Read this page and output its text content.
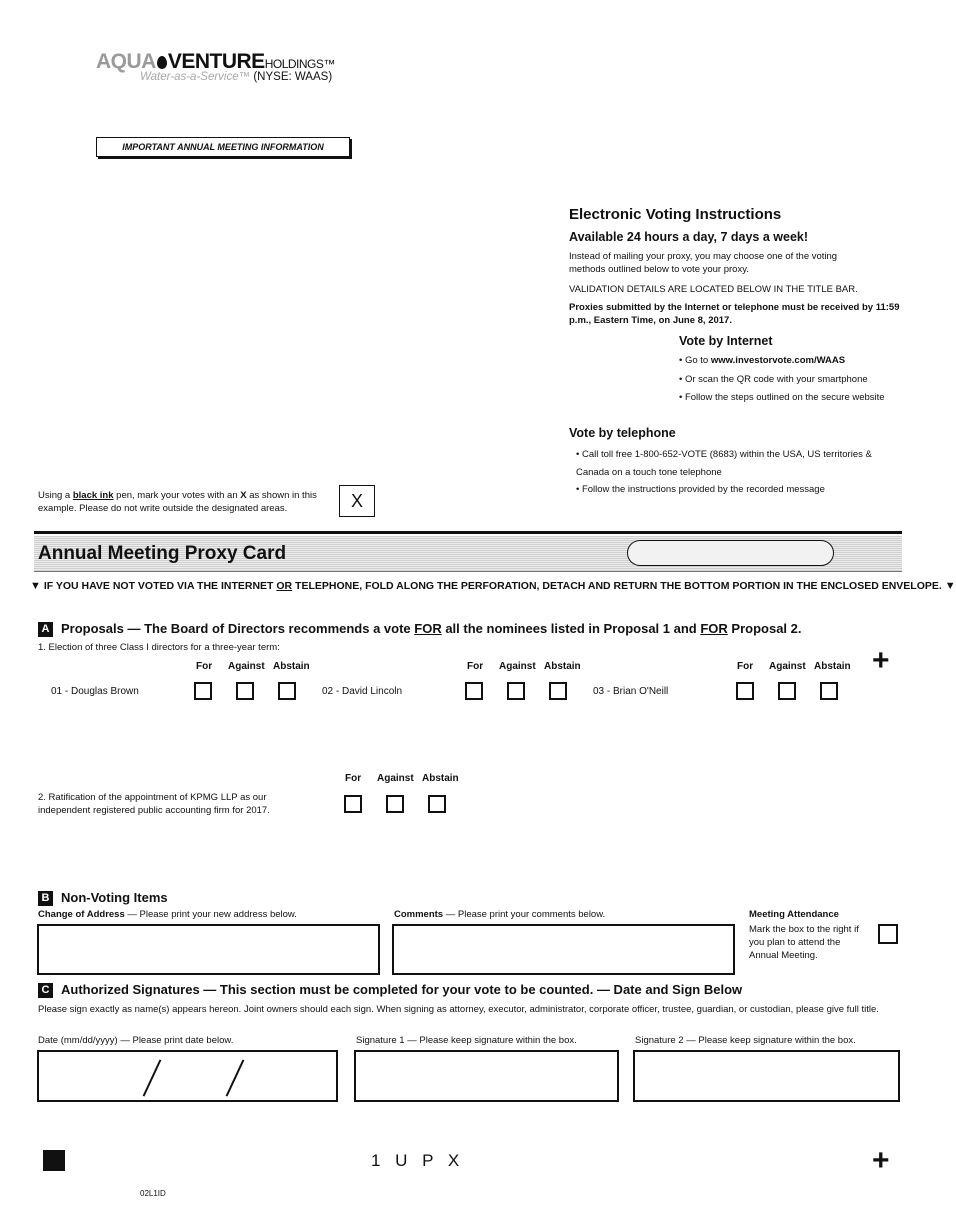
AQUA VENTUREHOLDINGS™
Water-as-a-Service™ (NYSE: WAAS)
IMPORTANT ANNUAL MEETING INFORMATION
Electronic Voting Instructions
Available 24 hours a day, 7 days a week!
Instead of mailing your proxy, you may choose one of the voting methods outlined below to vote your proxy.
VALIDATION DETAILS ARE LOCATED BELOW IN THE TITLE BAR.
Proxies submitted by the Internet or telephone must be received by 11:59 p.m., Eastern Time, on June 8, 2017.
Vote by Internet
• Go to www.investorvote.com/WAAS
• Or scan the QR code with your smartphone
• Follow the steps outlined on the secure website
Vote by telephone
• Call toll free 1-800-652-VOTE (8683) within the USA, US territories & Canada on a touch tone telephone
• Follow the instructions provided by the recorded message
Using a black ink pen, mark your votes with an X as shown in this example. Please do not write outside the designated areas.	X
Annual Meeting Proxy Card
▼ IF YOU HAVE NOT VOTED VIA THE INTERNET OR TELEPHONE, FOLD ALONG THE PERFORATION, DETACH AND RETURN THE BOTTOM PORTION IN THE ENCLOSED ENVELOPE. ▼
A Proposals — The Board of Directors recommends a vote FOR all the nominees listed in Proposal 1 and FOR Proposal 2.
+
1. Election of three Class I directors for a three-year term:
For Against Abstain
01 - Douglas Brown
For Against Abstain
02 - David Lincoln
For Against Abstain
03 - Brian O'Neill
For Against Abstain
2. Ratification of the appointment of KPMG LLP as our independent registered public accounting firm for 2017.
B Non-Voting Items
Change of Address — Please print your new address below.	Comments — Please print your comments below.	Meeting Attendance
Mark the box to the right if you plan to attend the Annual Meeting.
C Authorized Signatures — This section must be completed for your vote to be counted. — Date and Sign Below
Please sign exactly as name(s) appears hereon. Joint owners should each sign. When signing as attorney, executor, administrator, corporate officer, trustee, guardian, or custodian, please give full title.
Date (mm/dd/yyyy) — Please print date below.	Signature 1 — Please keep signature within the box.	Signature 2 — Please keep signature within the box.
1 U P X	+
02L1ID
